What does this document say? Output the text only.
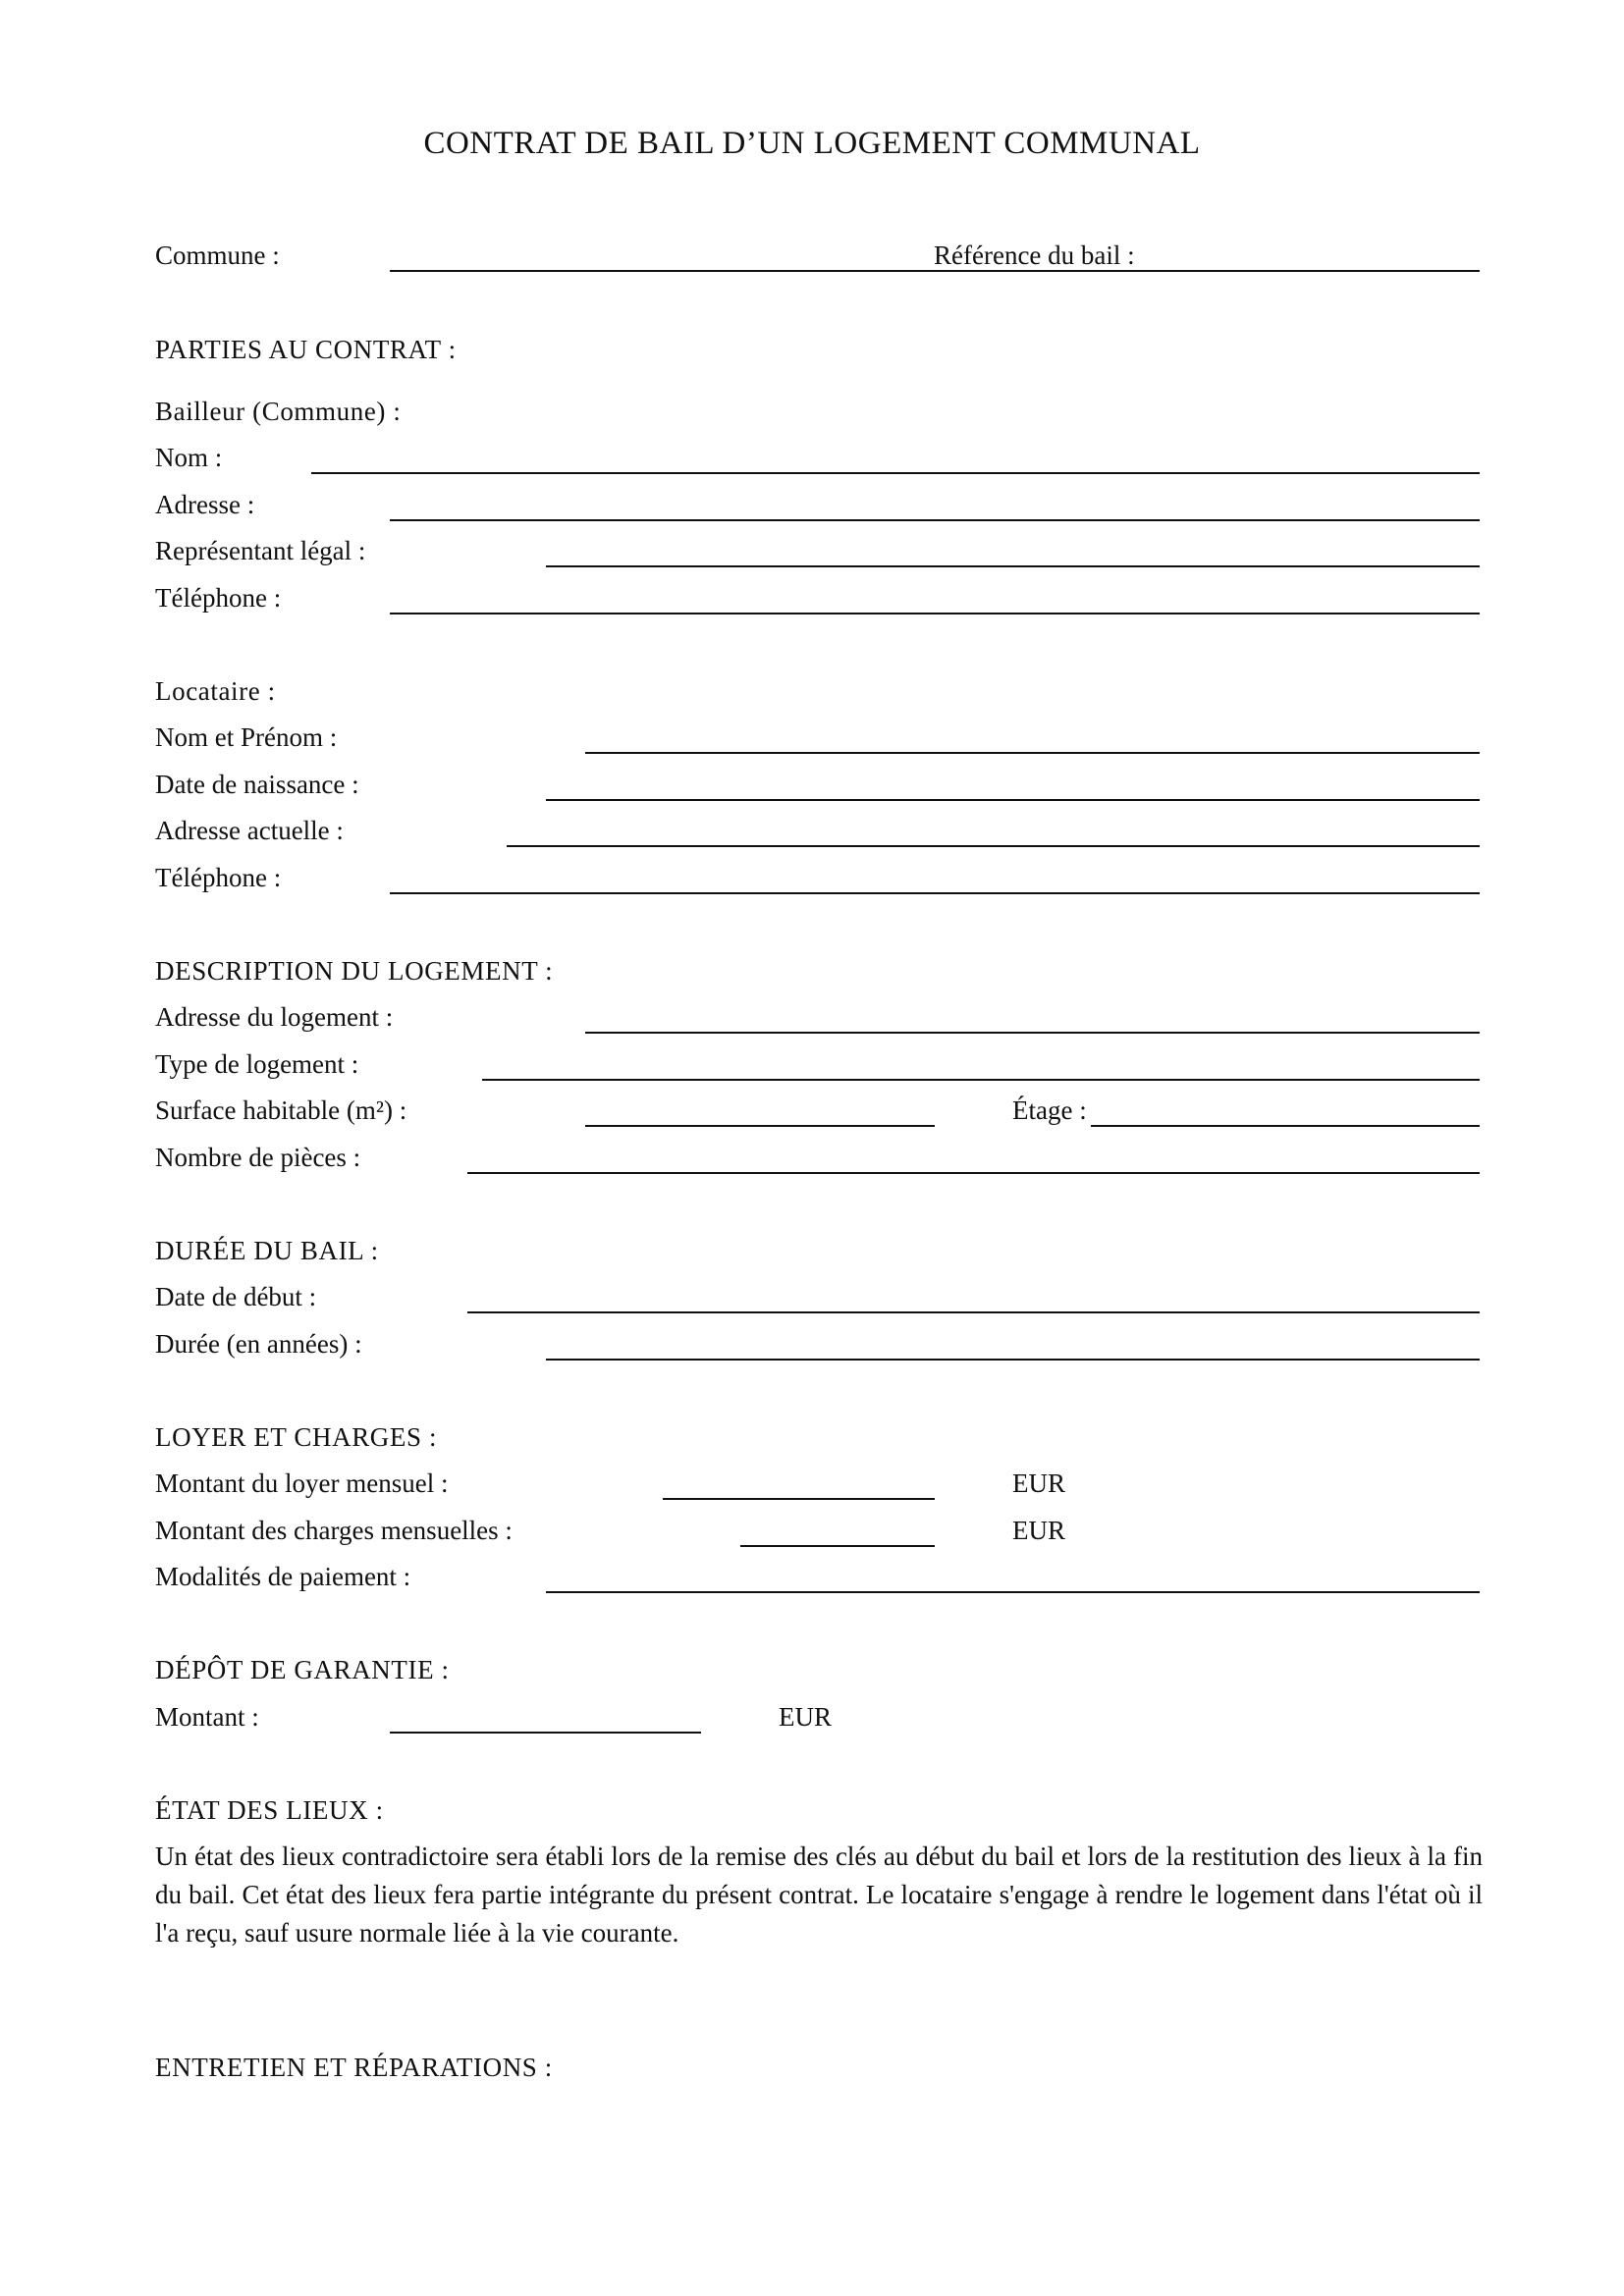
CONTRAT DE BAIL D’UN LOGEMENT COMMUNAL
Commune :	Référence du bail :
PARTIES AU CONTRAT :
Bailleur (Commune) :
Nom :
Adresse :
Représentant légal :
Téléphone :
Locataire :
Nom et Prénom :
Date de naissance :
Adresse actuelle :
Téléphone :
DESCRIPTION DU LOGEMENT :
Adresse du logement :
Type de logement :
Surface habitable (m²) :	Étage :
Nombre de pièces :
DURÉE DU BAIL :
Date de début :
Durée (en années) :
LOYER ET CHARGES :
Montant du loyer mensuel :	EUR
Montant des charges mensuelles :	EUR
Modalités de paiement :
DÉPÔT DE GARANTIE :
Montant :	EUR
ÉTAT DES LIEUX :
Un état des lieux contradictoire sera établi lors de la remise des clés au début du bail et lors de la restitution des lieux à la fin du bail. Cet état des lieux fera partie intégrante du présent contrat. Le locataire s'engage à rendre le logement dans l'état où il l'a reçu, sauf usure normale liée à la vie courante.
ENTRETIEN ET RÉPARATIONS :
